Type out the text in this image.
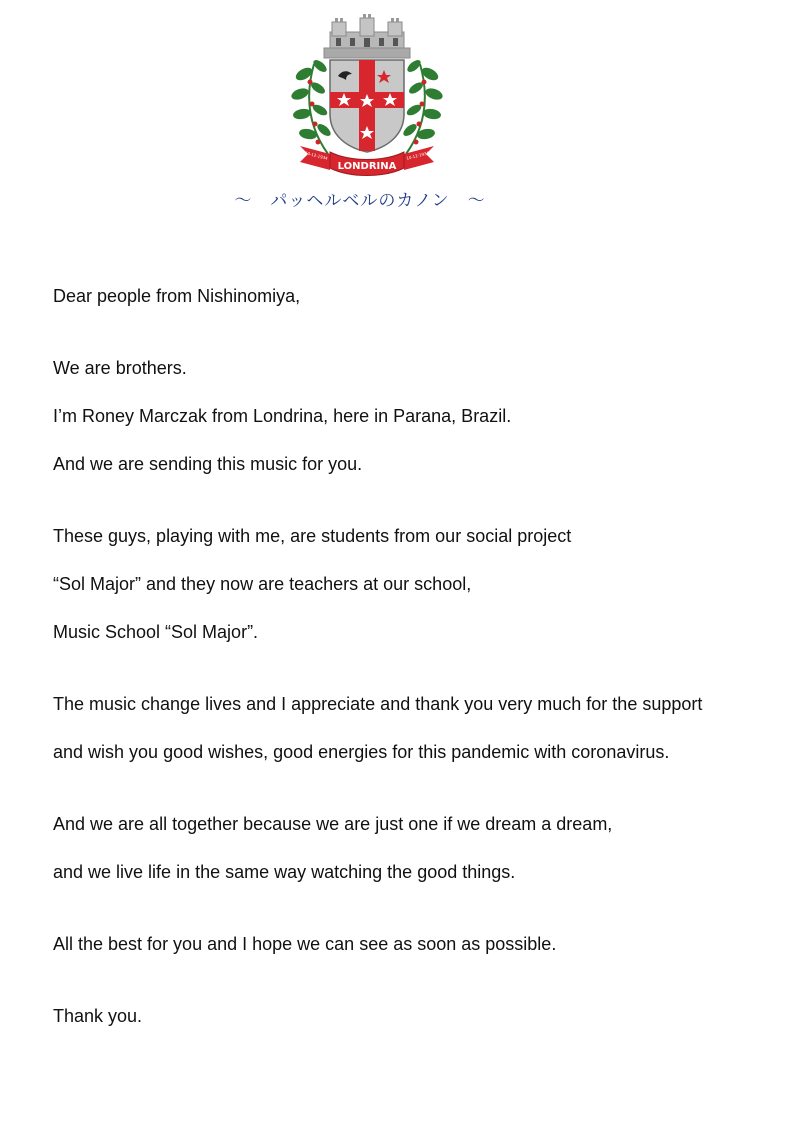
LONDRINA
10-12-1934	10-12-1934
～　パッヘルベルのカノン　～
Dear people from Nishinomiya,
We are brothers.
I’m Roney Marczak from Londrina, here in Parana, Brazil.
And we are sending this music for you.
These guys, playing with me, are students from our social project
“Sol Major” and they now are teachers at our school,
Music School “Sol Major”.
The music change lives and I appreciate and thank you very much for the support
and wish you good wishes, good energies for this pandemic with coronavirus.
And we are all together because we are just one if we dream a dream,
and we live life in the same way watching the good things.
All the best for you and I hope we can see as soon as possible.
Thank you.
